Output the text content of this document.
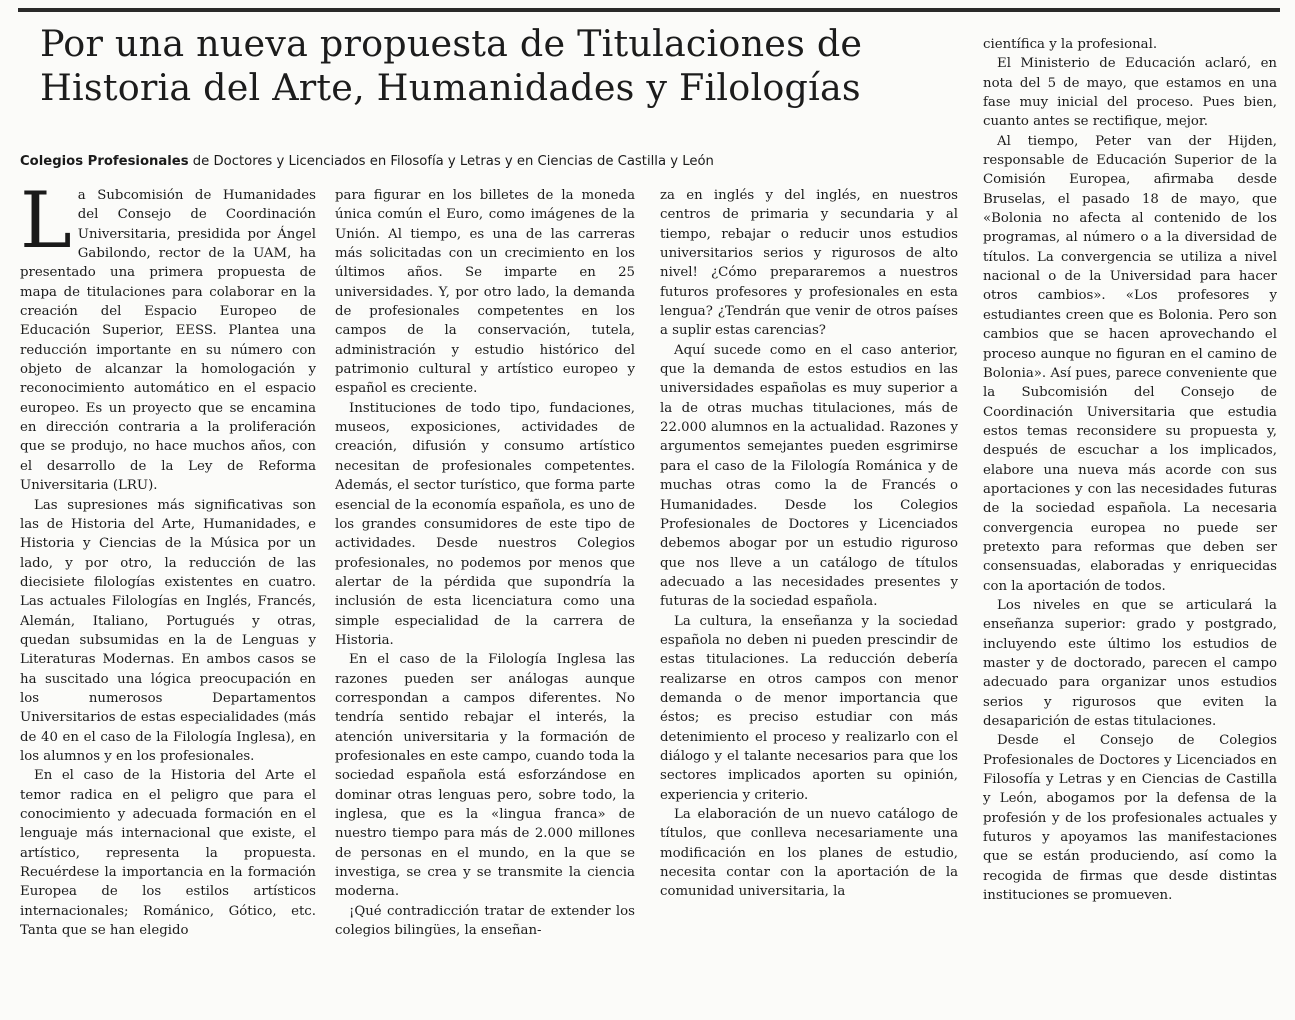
Por una nueva propuesta de Titulaciones de
Historia del Arte, Humanidades y Filologías
Colegios Profesionales de Doctores y Licenciados en Filosofía y Letras y en Ciencias de Castilla y León

La Subcomisión de Humanidades del Consejo de Coordinación Universitaria, presidida por Ángel Gabilondo, rector de la UAM, ha presentado una primera propuesta de mapa de titulaciones para colaborar en la creación del Espacio Europeo de Educación Superior, EESS. Plantea una reducción importante en su número con objeto de alcanzar la homologación y reconocimiento automático en el espacio europeo. Es un proyecto que se encamina en dirección contraria a la proliferación que se produjo, no hace muchos años, con el desarrollo de la Ley de Reforma Universitaria (LRU).

Las supresiones más significativas son las de Historia del Arte, Humanidades, e Historia y Ciencias de la Música por un lado, y por otro, la reducción de las diecisiete filologías existentes en cuatro. Las actuales Filologías en Inglés, Francés, Alemán, Italiano, Portugués y otras, quedan subsumidas en la de Lenguas y Literaturas Modernas. En ambos casos se ha suscitado una lógica preocupación en los numerosos Departamentos Universitarios de estas especialidades (más de 40 en el caso de la Filología Inglesa), en los alumnos y en los profesionales.

En el caso de la Historia del Arte el temor radica en el peligro que para el conocimiento y adecuada formación en el lenguaje más internacional que existe, el artístico, representa la propuesta. Recuérdese la importancia en la formación Europea de los estilos artísticos internacionales; Románico, Gótico, etc. Tanta que se han elegido

para figurar en los billetes de la moneda única común el Euro, como imágenes de la Unión. Al tiempo, es una de las carreras más solicitadas con un crecimiento en los últimos años. Se imparte en 25 universidades. Y, por otro lado, la demanda de profesionales competentes en los campos de la conservación, tutela, administración y estudio histórico del patrimonio cultural y artístico europeo y español es creciente.

Instituciones de todo tipo, fundaciones, museos, exposiciones, actividades de creación, difusión y consumo artístico necesitan de profesionales competentes. Además, el sector turístico, que forma parte esencial de la economía española, es uno de los grandes consumidores de este tipo de actividades. Desde nuestros Colegios profesionales, no podemos por menos que alertar de la pérdida que supondría la inclusión de esta licenciatura como una simple especialidad de la carrera de Historia.

En el caso de la Filología Inglesa las razones pueden ser análogas aunque correspondan a campos diferentes. No tendría sentido rebajar el interés, la atención universitaria y la formación de profesionales en este campo, cuando toda la sociedad española está esforzándose en dominar otras lenguas pero, sobre todo, la inglesa, que es la «lingua franca» de nuestro tiempo para más de 2.000 millones de personas en el mundo, en la que se investiga, se crea y se transmite la ciencia moderna.

¡Qué contradicción tratar de extender los colegios bilingües, la enseñan-

za en inglés y del inglés, en nuestros centros de primaria y secundaria y al tiempo, rebajar o reducir unos estudios universitarios serios y rigurosos de alto nivel! ¿Cómo prepararemos a nuestros futuros profesores y profesionales en esta lengua? ¿Tendrán que venir de otros países a suplir estas carencias?

Aquí sucede como en el caso anterior, que la demanda de estos estudios en las universidades españolas es muy superior a la de otras muchas titulaciones, más de 22.000 alumnos en la actualidad. Razones y argumentos semejantes pueden esgrimirse para el caso de la Filología Románica y de muchas otras como la de Francés o Humanidades. Desde los Colegios Profesionales de Doctores y Licenciados debemos abogar por un estudio riguroso que nos lleve a un catálogo de títulos adecuado a las necesidades presentes y futuras de la sociedad española.

La cultura, la enseñanza y la sociedad española no deben ni pueden prescindir de estas titulaciones. La reducción debería realizarse en otros campos con menor demanda o de menor importancia que éstos; es preciso estudiar con más detenimiento el proceso y realizarlo con el diálogo y el talante necesarios para que los sectores implicados aporten su opinión, experiencia y criterio.

La elaboración de un nuevo catálogo de títulos, que conlleva necesariamente una modificación en los planes de estudio, necesita contar con la aportación de la comunidad universitaria, la

científica y la profesional.

El Ministerio de Educación aclaró, en nota del 5 de mayo, que estamos en una fase muy inicial del proceso. Pues bien, cuanto antes se rectifique, mejor.

Al tiempo, Peter van der Hijden, responsable de Educación Superior de la Comisión Europea, afirmaba desde Bruselas, el pasado 18 de mayo, que «Bolonia no afecta al contenido de los programas, al número o a la diversidad de títulos. La convergencia se utiliza a nivel nacional o de la Universidad para hacer otros cambios». «Los profesores y estudiantes creen que es Bolonia. Pero son cambios que se hacen aprovechando el proceso aunque no figuran en el camino de Bolonia». Así pues, parece conveniente que la Subcomisión del Consejo de Coordinación Universitaria que estudia estos temas reconsidere su propuesta y, después de escuchar a los implicados, elabore una nueva más acorde con sus aportaciones y con las necesidades futuras de la sociedad española. La necesaria convergencia europea no puede ser pretexto para reformas que deben ser consensuadas, elaboradas y enriquecidas con la aportación de todos.

Los niveles en que se articulará la enseñanza superior: grado y postgrado, incluyendo este último los estudios de master y de doctorado, parecen el campo adecuado para organizar unos estudios serios y rigurosos que eviten la desaparición de estas titulaciones.

Desde el Consejo de Colegios Profesionales de Doctores y Licenciados en Filosofía y Letras y en Ciencias de Castilla y León, abogamos por la defensa de la profesión y de los profesionales actuales y futuros y apoyamos las manifestaciones que se están produciendo, así como la recogida de firmas que desde distintas instituciones se promueven.
